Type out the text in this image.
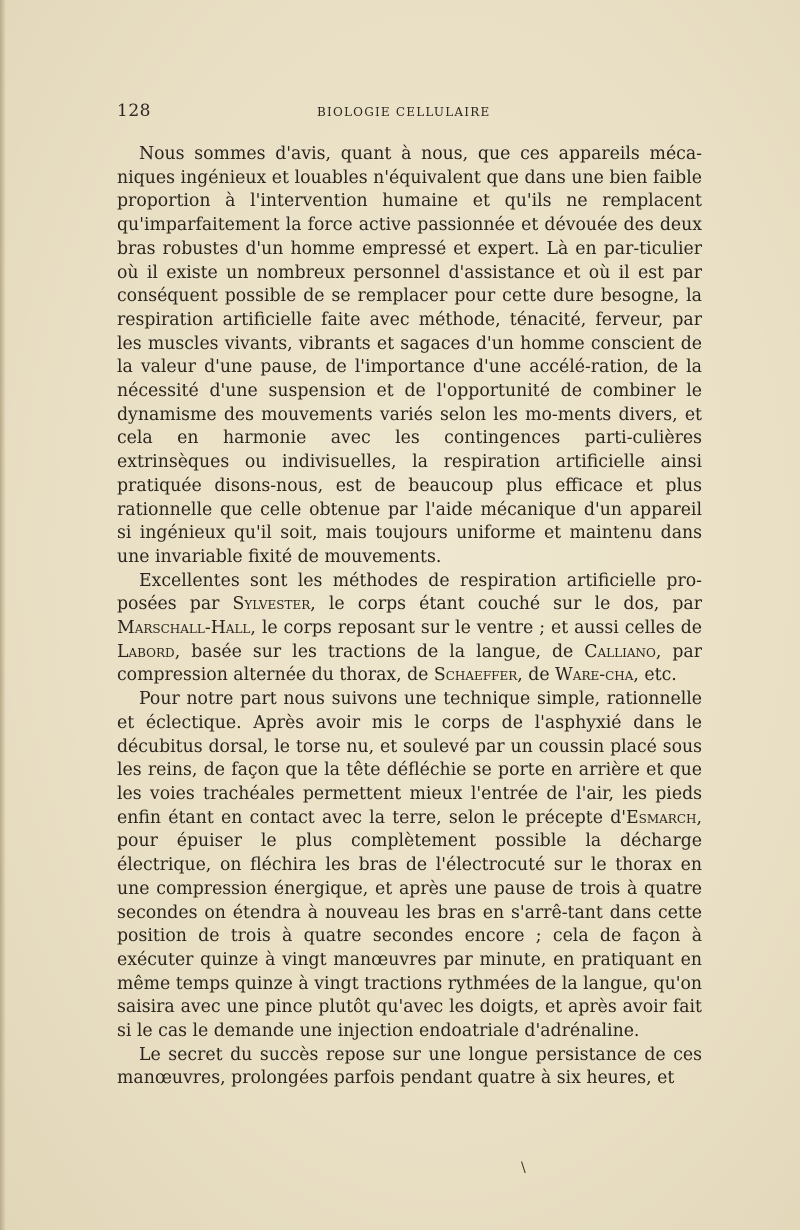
128	BIOLOGIE CELLULAIRE

Nous sommes d'avis, quant à nous, que ces appareils méca-niques ingénieux et louables n'équivalent que dans une bien faible proportion à l'intervention humaine et qu'ils ne remplacent qu'imparfaitement la force active passionnée et dévouée des deux bras robustes d'un homme empressé et expert. Là en par-ticulier où il existe un nombreux personnel d'assistance et où il est par conséquent possible de se remplacer pour cette dure besogne, la respiration artificielle faite avec méthode, ténacité, ferveur, par les muscles vivants, vibrants et sagaces d'un homme conscient de la valeur d'une pause, de l'importance d'une accélé-ration, de la nécessité d'une suspension et de l'opportunité de combiner le dynamisme des mouvements variés selon les mo-ments divers, et cela en harmonie avec les contingences parti-culières extrinsèques ou indivisuelles, la respiration artificielle ainsi pratiquée disons-nous, est de beaucoup plus efficace et plus rationnelle que celle obtenue par l'aide mécanique d'un appareil si ingénieux qu'il soit, mais toujours uniforme et maintenu dans une invariable fixité de mouvements.

Excellentes sont les méthodes de respiration artificielle pro-posées par Sylvester, le corps étant couché sur le dos, par Marschall-Hall, le corps reposant sur le ventre ; et aussi celles de Labord, basée sur les tractions de la langue, de Calliano, par compression alternée du thorax, de Schaeffer, de Ware-cha, etc.

Pour notre part nous suivons une technique simple, rationnelle et éclectique. Après avoir mis le corps de l'asphyxié dans le décubitus dorsal, le torse nu, et soulevé par un coussin placé sous les reins, de façon que la tête défléchie se porte en arrière et que les voies trachéales permettent mieux l'entrée de l'air, les pieds enfin étant en contact avec la terre, selon le précepte d'Esmarch, pour épuiser le plus complètement possible la décharge électrique, on fléchira les bras de l'électrocuté sur le thorax en une compression énergique, et après une pause de trois à quatre secondes on étendra à nouveau les bras en s'arrê-tant dans cette position de trois à quatre secondes encore ; cela de façon à exécuter quinze à vingt manœuvres par minute, en pratiquant en même temps quinze à vingt tractions rythmées de la langue, qu'on saisira avec une pince plutôt qu'avec les doigts, et après avoir fait si le cas le demande une injection endoatriale d'adrénaline.

Le secret du succès repose sur une longue persistance de ces manœuvres, prolongées parfois pendant quatre à six heures, et

\
